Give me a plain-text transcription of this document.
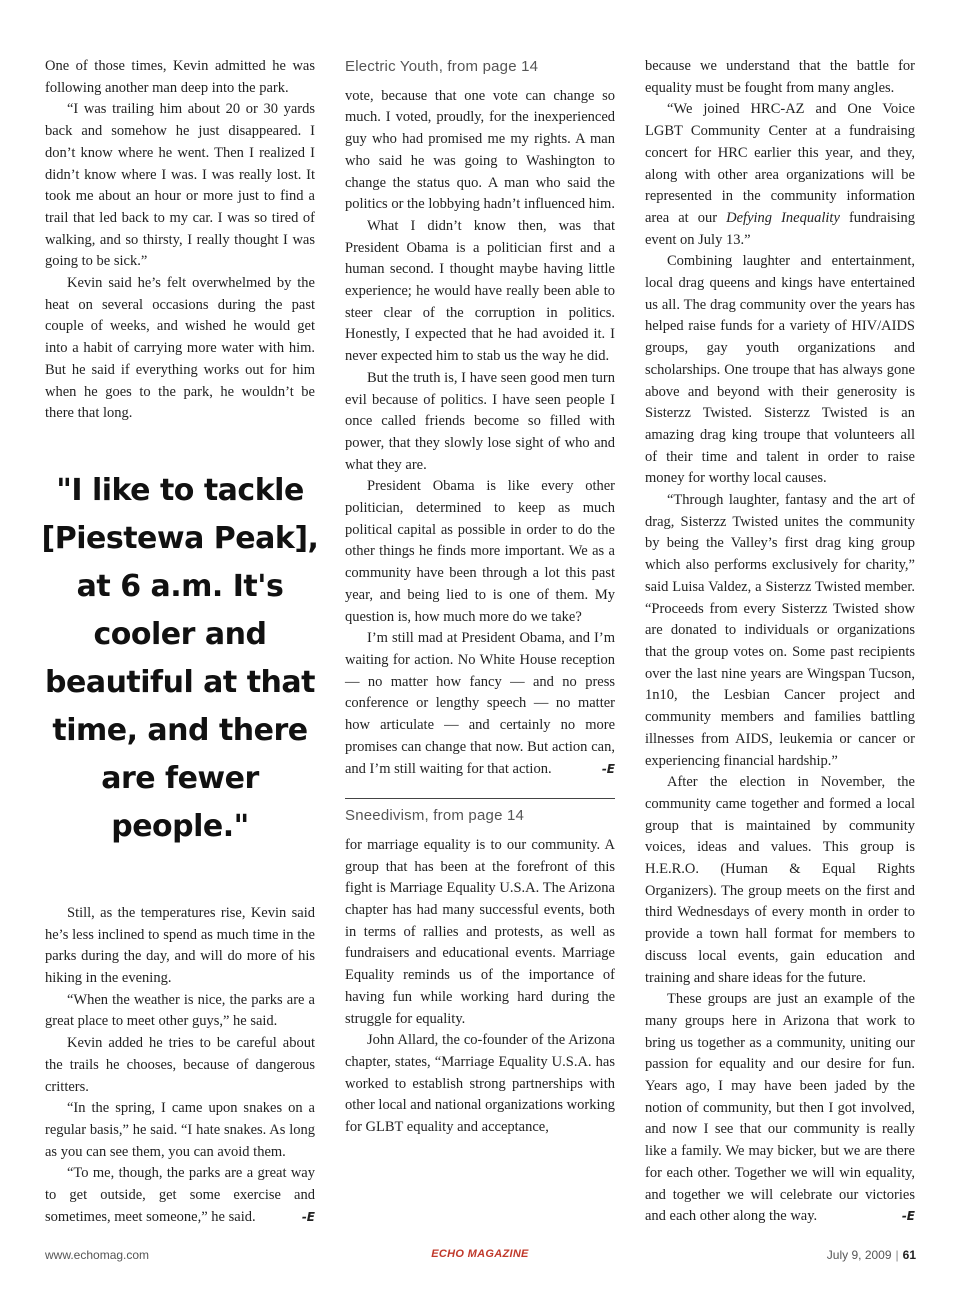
One of those times, Kevin admitted he was following another man deep into the park.

“I was trailing him about 20 or 30 yards back and somehow he just disappeared. I don’t know where he went. Then I realized I didn’t know where I was. I was really lost. It took me about an hour or more just to find a trail that led back to my car. I was so tired of walking, and so thirsty, I really thought I was going to be sick.”

Kevin said he’s felt overwhelmed by the heat on several occasions during the past couple of weeks, and wished he would get into a habit of carrying more water with him. But he said if everything works out for him when he goes to the park, he wouldn’t be there that long.

"I like to tackle [Piestewa Peak], at 6 a.m. It's cooler and beautiful at that time, and there are fewer people."

Still, as the temperatures rise, Kevin said he’s less inclined to spend as much time in the parks during the day, and will do more of his hiking in the evening.

“When the weather is nice, the parks are a great place to meet other guys,” he said.

Kevin added he tries to be careful about the trails he chooses, because of dangerous critters.

“In the spring, I came upon snakes on a regular basis,” he said. “I hate snakes. As long as you can see them, you can avoid them.

“To me, though, the parks are a great way to get outside, get some exercise and sometimes, meet someone,” he said.	-E

Electric Youth, from page 14

vote, because that one vote can change so much. I voted, proudly, for the inexperienced guy who had promised me my rights. A man who said he was going to Washington to change the status quo. A man who said the politics or the lobbying hadn’t influenced him.

What I didn’t know then, was that President Obama is a politician first and a human second. I thought maybe having little experience; he would have really been able to steer clear of the corruption in politics. Honestly, I expected that he had avoided it. I never expected him to stab us the way he did.

But the truth is, I have seen good men turn evil because of politics. I have seen people I once called friends become so filled with power, that they slowly lose sight of who and what they are.

President Obama is like every other politician, determined to keep as much political capital as possible in order to do the other things he finds more important. We as a community have been through a lot this past year, and being lied to is one of them. My question is, how much more do we take?

I’m still mad at President Obama, and I’m waiting for action. No White House reception — no matter how fancy — and no press conference or lengthy speech — no matter how articulate — and certainly no more promises can change that now. But action can, and I’m still waiting for that action.	-E

Sneedivism, from page 14

for marriage equality is to our community. A group that has been at the forefront of this fight is Marriage Equality U.S.A. The Arizona chapter has had many successful events, both in terms of rallies and protests, as well as fundraisers and educational events. Marriage Equality reminds us of the importance of having fun while working hard during the struggle for equality.

John Allard, the co-founder of the Arizona chapter, states, “Marriage Equality U.S.A. has worked to establish strong partnerships with other local and national organizations working for GLBT equality and acceptance,

because we understand that the battle for equality must be fought from many angles.

“We joined HRC-AZ and One Voice LGBT Community Center at a fundraising concert for HRC earlier this year, and they, along with other area organizations will be represented in the community information area at our Defying Inequality fundraising event on July 13.”

Combining laughter and entertainment, local drag queens and kings have entertained us all. The drag community over the years has helped raise funds for a variety of HIV/AIDS groups, gay youth organizations and scholarships. One troupe that has always gone above and beyond with their generosity is Sisterzz Twisted. Sisterzz Twisted is an amazing drag king troupe that volunteers all of their time and talent in order to raise money for worthy local causes.

“Through laughter, fantasy and the art of drag, Sisterzz Twisted unites the community by being the Valley’s first drag king group which also performs exclusively for charity,” said Luisa Valdez, a Sisterzz Twisted member. “Proceeds from every Sisterzz Twisted show are donated to individuals or organizations that the group votes on. Some past recipients over the last nine years are Wingspan Tucson, 1n10, the Lesbian Cancer project and community members and families battling illnesses from AIDS, leukemia or cancer or experiencing financial hardship.”

After the election in November, the community came together and formed a local group that is maintained by community voices, ideas and values. This group is H.E.R.O. (Human & Equal Rights Organizers). The group meets on the first and third Wednesdays of every month in order to provide a town hall format for members to discuss local events, gain education and training and share ideas for the future.

These groups are just an example of the many groups here in Arizona that work to bring us together as a community, uniting our passion for equality and our desire for fun. Years ago, I may have been jaded by the notion of community, but then I got involved, and now I see that our community is really like a family. We may bicker, but we are there for each other. Together we will win equality, and together we will celebrate our victories and each other along the way.	-E

www.echomag.com	ECHO MAGAZINE	July 9, 2009 | 61
